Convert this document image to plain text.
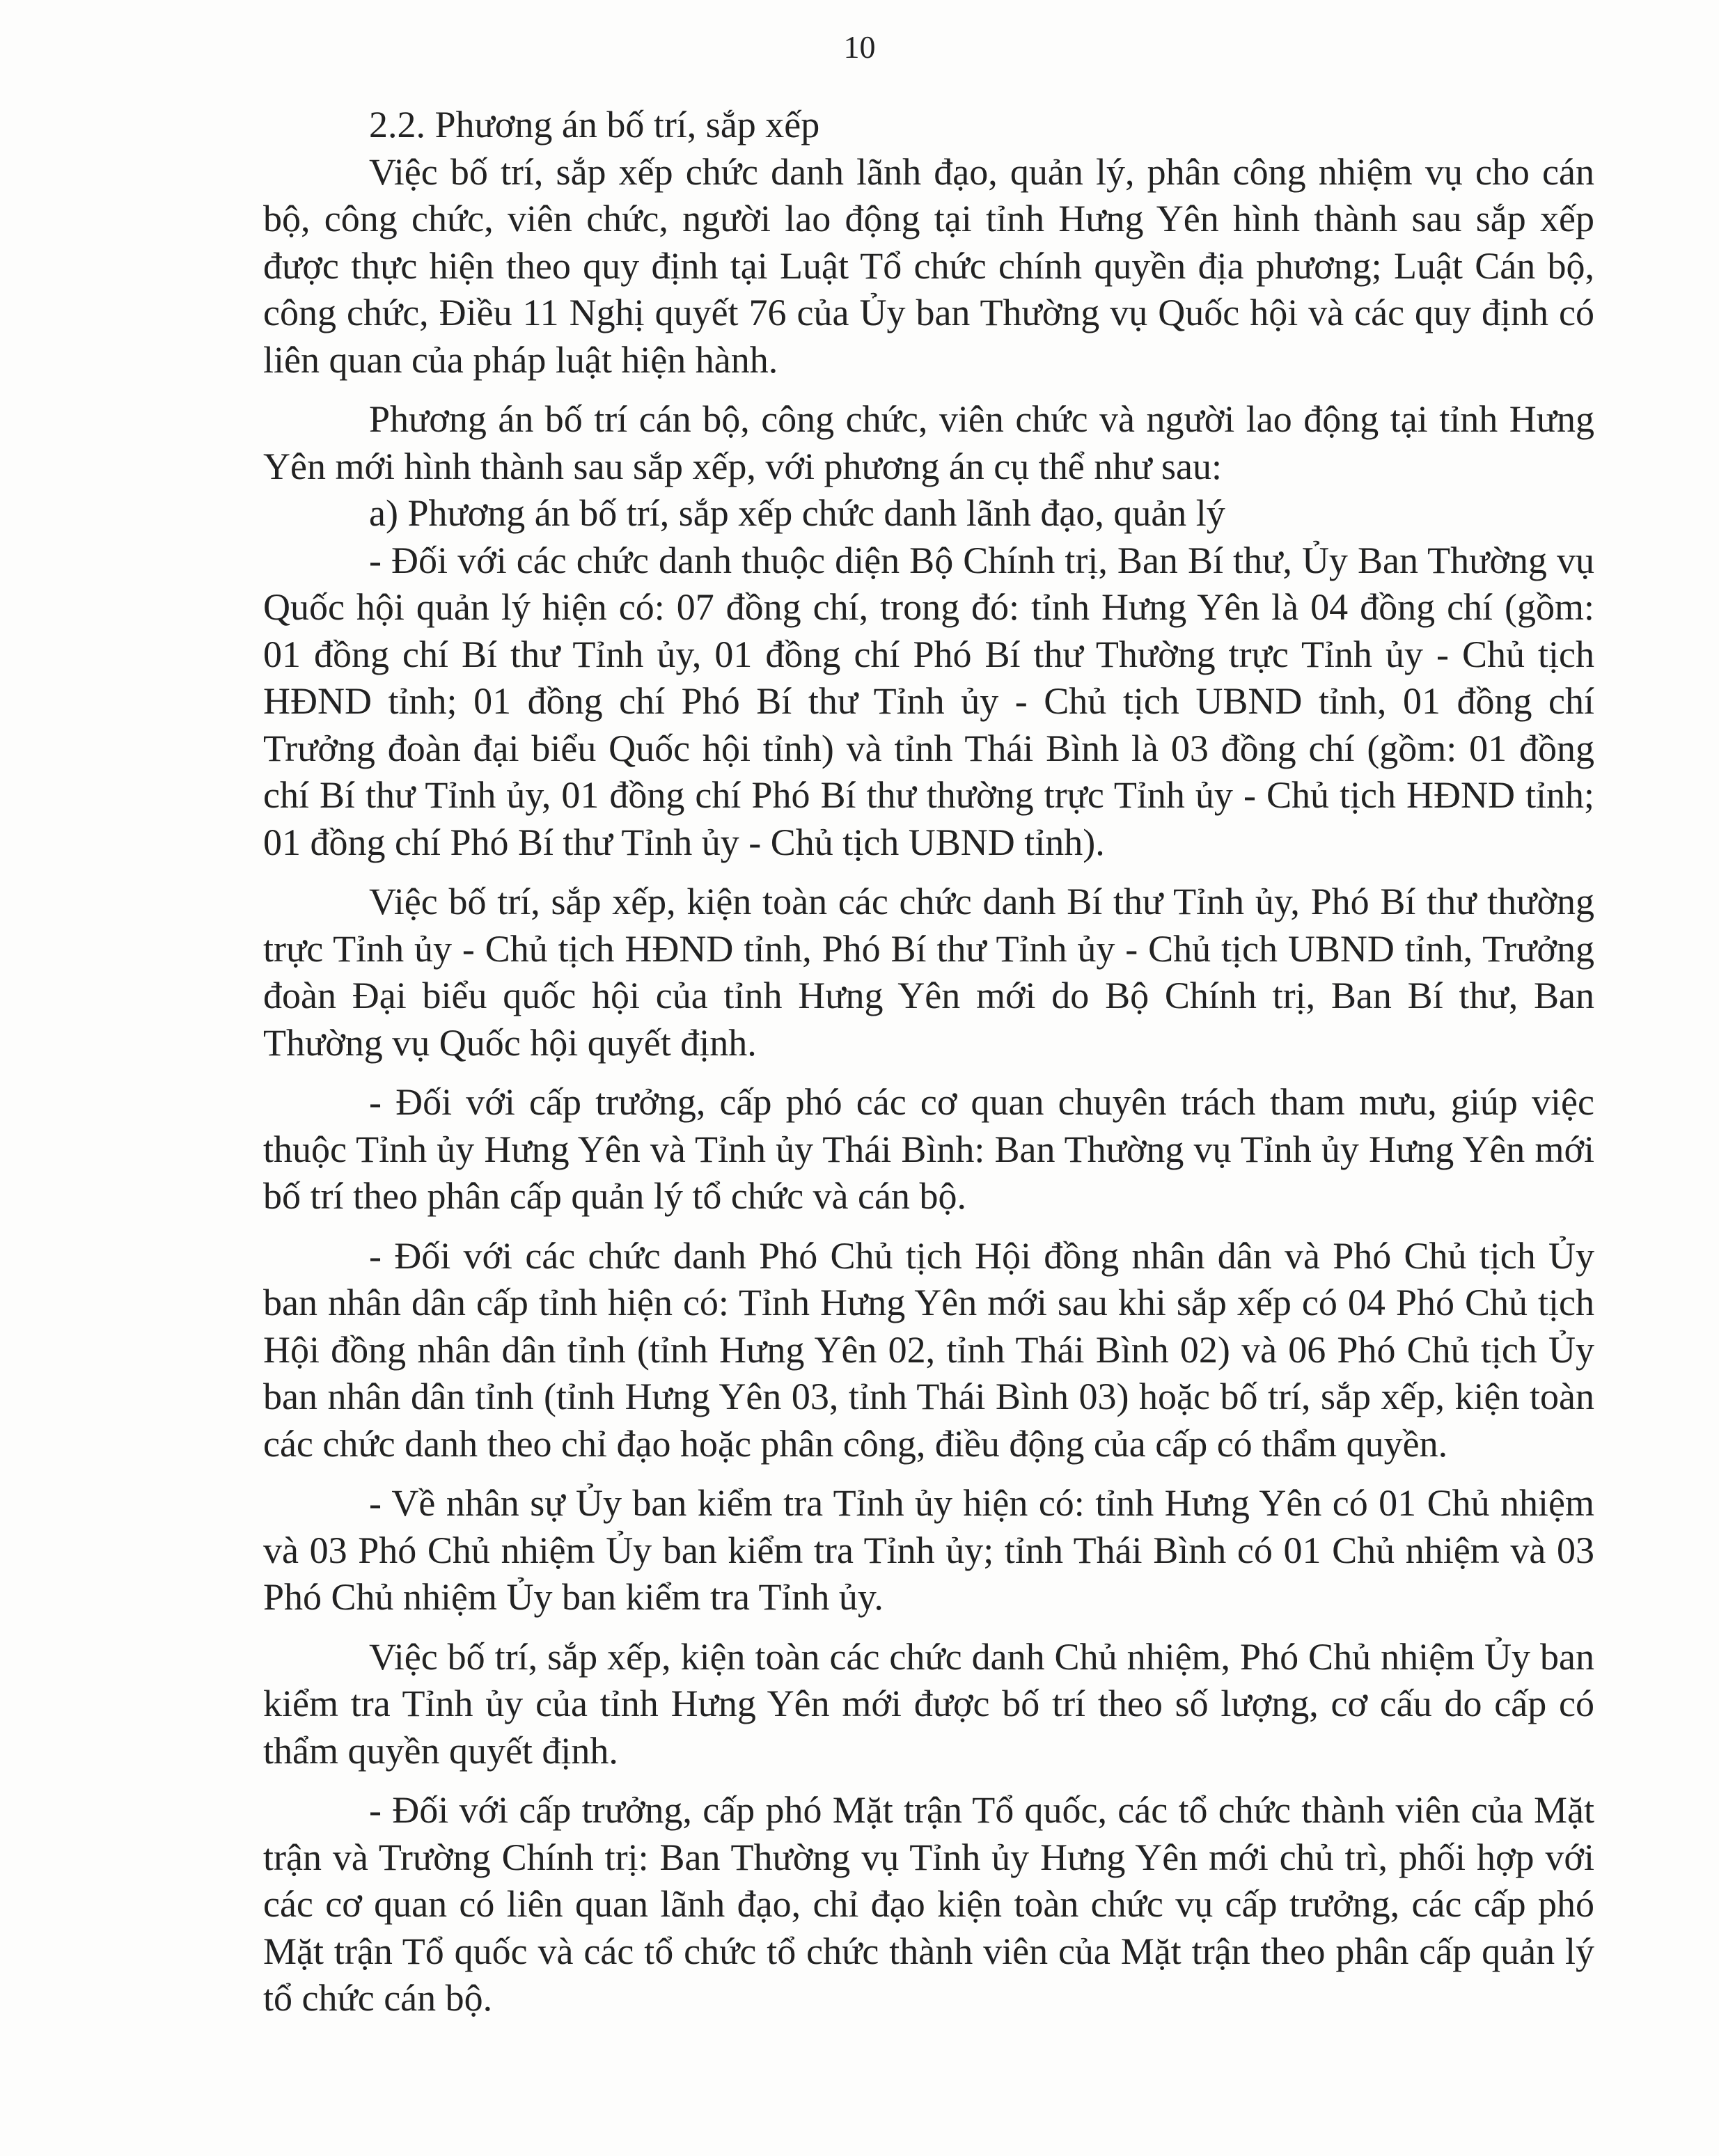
10

2.2. Phương án bố trí, sắp xếp

Việc bố trí, sắp xếp chức danh lãnh đạo, quản lý, phân công nhiệm vụ cho cán bộ, công chức, viên chức, người lao động tại tỉnh Hưng Yên hình thành sau sắp xếp được thực hiện theo quy định tại Luật Tổ chức chính quyền địa phương; Luật Cán bộ, công chức, Điều 11 Nghị quyết 76 của Ủy ban Thường vụ Quốc hội và các quy định có liên quan của pháp luật hiện hành.

Phương án bố trí cán bộ, công chức, viên chức và người lao động tại tỉnh Hưng Yên mới hình thành sau sắp xếp, với phương án cụ thể như sau:

a) Phương án bố trí, sắp xếp chức danh lãnh đạo, quản lý

- Đối với các chức danh thuộc diện Bộ Chính trị, Ban Bí thư, Ủy Ban Thường vụ Quốc hội quản lý hiện có: 07 đồng chí, trong đó: tỉnh Hưng Yên là 04 đồng chí (gồm: 01 đồng chí Bí thư Tỉnh ủy, 01 đồng chí Phó Bí thư Thường trực Tỉnh ủy - Chủ tịch HĐND tỉnh; 01 đồng chí Phó Bí thư Tỉnh ủy - Chủ tịch UBND tỉnh, 01 đồng chí Trưởng đoàn đại biểu Quốc hội tỉnh) và tỉnh Thái Bình là 03 đồng chí (gồm: 01 đồng chí Bí thư Tỉnh ủy, 01 đồng chí Phó Bí thư thường trực Tỉnh ủy - Chủ tịch HĐND tỉnh; 01 đồng chí Phó Bí thư Tỉnh ủy - Chủ tịch UBND tỉnh).

Việc bố trí, sắp xếp, kiện toàn các chức danh Bí thư Tỉnh ủy, Phó Bí thư thường trực Tỉnh ủy - Chủ tịch HĐND tỉnh, Phó Bí thư Tỉnh ủy - Chủ tịch UBND tỉnh, Trưởng đoàn Đại biểu quốc hội của tỉnh Hưng Yên mới do Bộ Chính trị, Ban Bí thư, Ban Thường vụ Quốc hội quyết định.

- Đối với cấp trưởng, cấp phó các cơ quan chuyên trách tham mưu, giúp việc thuộc Tỉnh ủy Hưng Yên và Tỉnh ủy Thái Bình: Ban Thường vụ Tỉnh ủy Hưng Yên mới bố trí theo phân cấp quản lý tổ chức và cán bộ.

- Đối với các chức danh Phó Chủ tịch Hội đồng nhân dân và Phó Chủ tịch Ủy ban nhân dân cấp tỉnh hiện có: Tỉnh Hưng Yên mới sau khi sắp xếp có 04 Phó Chủ tịch Hội đồng nhân dân tỉnh (tỉnh Hưng Yên 02, tỉnh Thái Bình 02) và 06 Phó Chủ tịch Ủy ban nhân dân tỉnh (tỉnh Hưng Yên 03, tỉnh Thái Bình 03) hoặc bố trí, sắp xếp, kiện toàn các chức danh theo chỉ đạo hoặc phân công, điều động của cấp có thẩm quyền.

- Về nhân sự Ủy ban kiểm tra Tỉnh ủy hiện có: tỉnh Hưng Yên có 01 Chủ nhiệm và 03 Phó Chủ nhiệm Ủy ban kiểm tra Tỉnh ủy; tỉnh Thái Bình có 01 Chủ nhiệm và 03 Phó Chủ nhiệm Ủy ban kiểm tra Tỉnh ủy.

Việc bố trí, sắp xếp, kiện toàn các chức danh Chủ nhiệm, Phó Chủ nhiệm Ủy ban kiểm tra Tỉnh ủy của tỉnh Hưng Yên mới được bố trí theo số lượng, cơ cấu do cấp có thẩm quyền quyết định.

- Đối với cấp trưởng, cấp phó Mặt trận Tổ quốc, các tổ chức thành viên của Mặt trận và Trường Chính trị: Ban Thường vụ Tỉnh ủy Hưng Yên mới chủ trì, phối hợp với các cơ quan có liên quan lãnh đạo, chỉ đạo kiện toàn chức vụ cấp trưởng, các cấp phó Mặt trận Tổ quốc và các tổ chức tổ chức thành viên của Mặt trận theo phân cấp quản lý tổ chức cán bộ.
